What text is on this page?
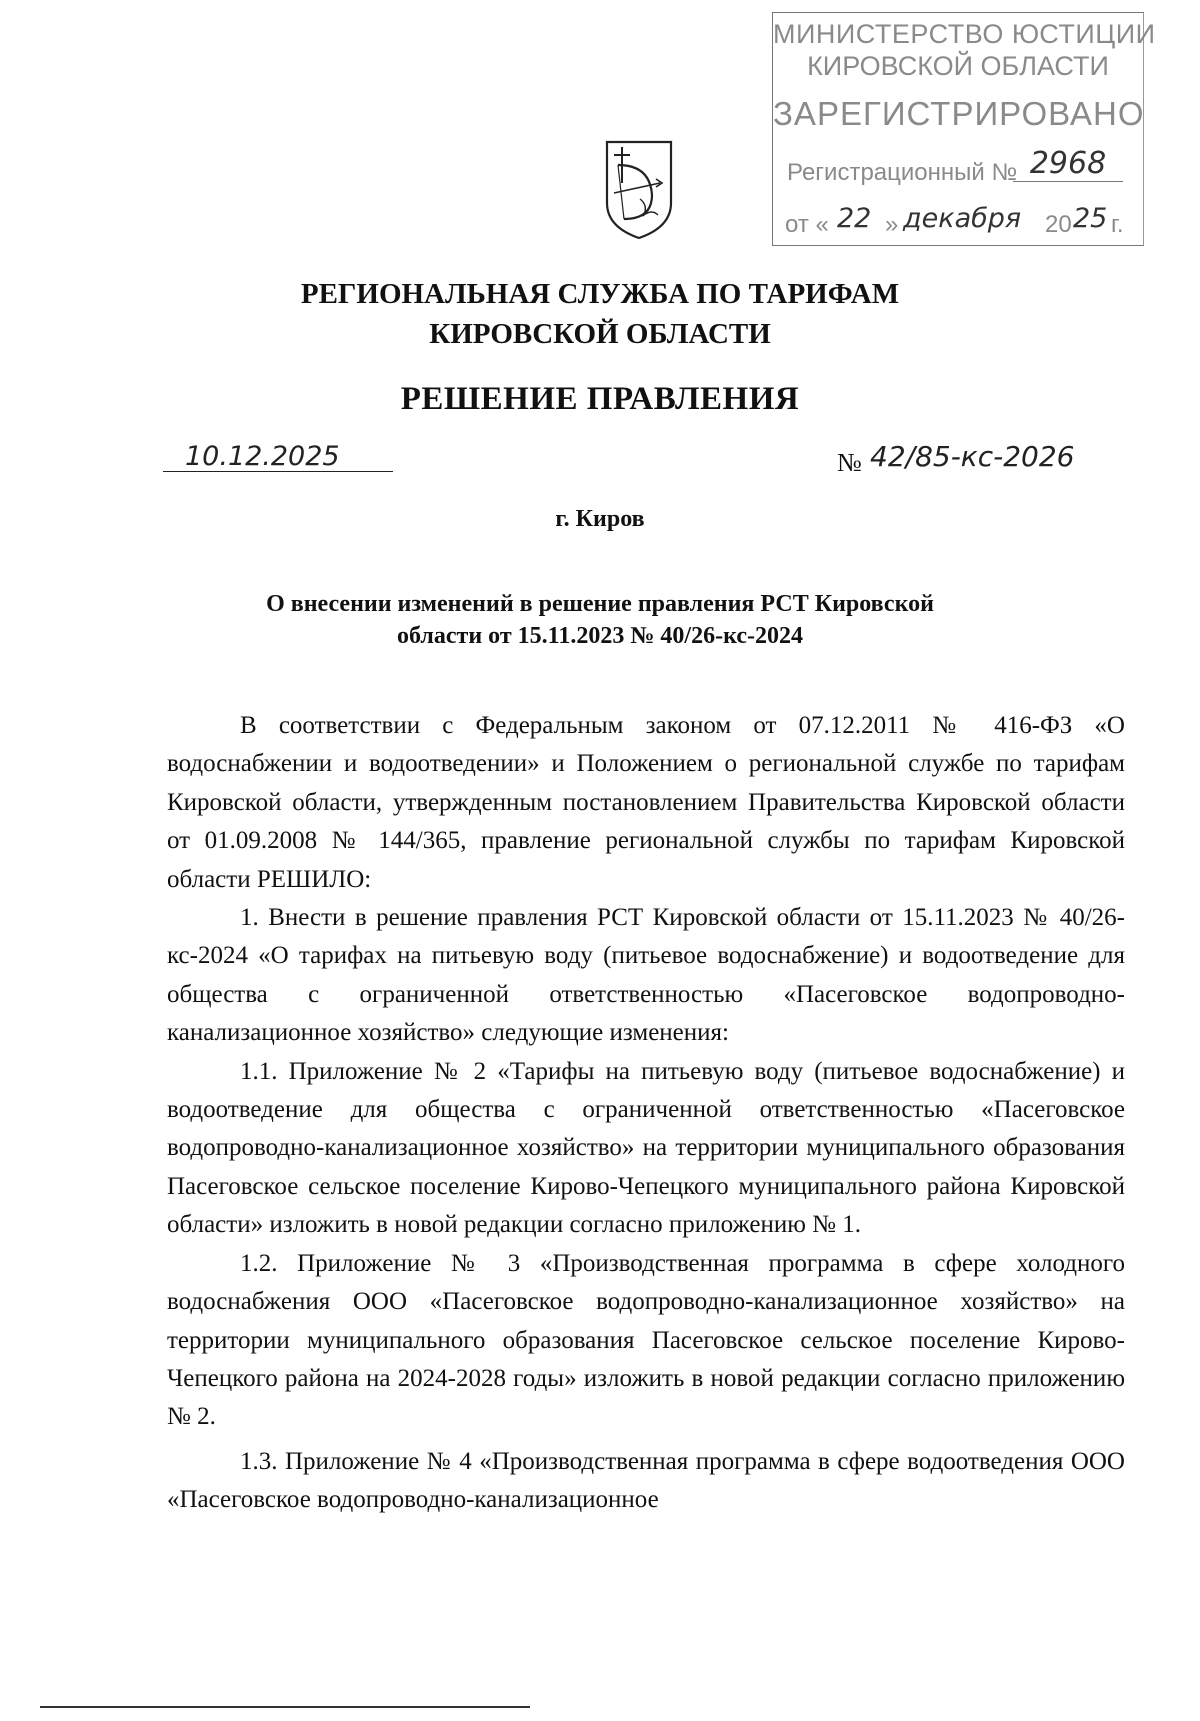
МИНИСТЕРСТВО ЮСТИЦИИ
КИРОВСКОЙ ОБЛАСТИ
ЗАРЕГИСТРИРОВАНО
Регистрационный № 2968
от « 22 » декабря 20 25 г.
РЕГИОНАЛЬНАЯ СЛУЖБА ПО ТАРИФАМ
КИРОВСКОЙ ОБЛАСТИ
РЕШЕНИЕ ПРАВЛЕНИЯ
10.12.2025	№ 42/85-кс-2026
г. Киров
О внесении изменений в решение правления РСТ Кировской
области от 15.11.2023 № 40/26-кс-2024

В соответствии с Федеральным законом от 07.12.2011 № 416-ФЗ «О водоснабжении и водоотведении» и Положением о региональной службе по тарифам Кировской области, утвержденным постановлением Правительства Кировской области от 01.09.2008 № 144/365, правление региональной службы по тарифам Кировской области РЕШИЛО:

1. Внести в решение правления РСТ Кировской области от 15.11.2023 № 40/26-кс-2024 «О тарифах на питьевую воду (питьевое водоснабжение) и водоотведение для общества с ограниченной ответственностью «Пасеговское водопроводно-канализационное хозяйство» следующие изменения:

1.1. Приложение № 2 «Тарифы на питьевую воду (питьевое водоснабжение) и водоотведение для общества с ограниченной ответственностью «Пасеговское водопроводно-канализационное хозяйство» на территории муниципального образования Пасеговское сельское поселение Кирово-Чепецкого муниципального района Кировской области» изложить в новой редакции согласно приложению № 1.

1.2. Приложение № 3 «Производственная программа в сфере холодного водоснабжения ООО «Пасеговское водопроводно-канализационное хозяйство» на территории муниципального образования Пасеговское сельское поселение Кирово-Чепецкого района на 2024-2028 годы» изложить в новой редакции согласно приложению № 2.

1.3. Приложение № 4 «Производственная программа в сфере водоотведения ООО «Пасеговское водопроводно-канализационное
